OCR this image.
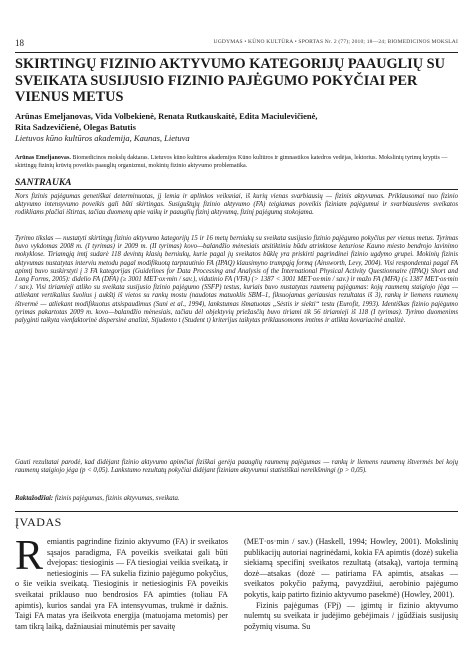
18	UGDYMAS • KŪNO KULTŪRA • SPORTAS Nr. 2 (77); 2010; 18—24; BIOMEDICINOS MOKSLAI
SKIRTINGŲ FIZINIO AKTYVUMO KATEGORIJŲ PAAUGLIŲ SU SVEIKATA SUSIJUSIO FIZINIO PAJĖGUMO POKYČIAI PER VIENUS METUS
Arūnas Emeljanovas, Vida Volbekienė, Renata Rutkauskaitė, Edita Maciulevičienė,
Rita Sadzevičienė, Olegas Batutis
Lietuvos kūno kultūros akademija, Kaunas, Lietuva
Arūnas Emeljanovas. Biomedicinos mokslų daktaras. Lietuvos kūno kultūros akademijos Kūno kultūros ir gimnastikos katedros vedėjas, lektorius. Mokslinių tyrimų kryptis — skirtingų fizinių krūvių poveikis paauglių organizmui, mokinių fizinio aktyvumo problematika.
SANTRAUKA

Nors fizinis pajėgumas genetiškai determinuotas, jį lemia ir aplinkos veiksniai, iš kurių vienas svarbiausių — fizinis aktyvumas. Priklausomai nuo fizinio aktyvumo intensyvumo poveikis gali būti skirtingas. Susiguštųjų fizinio aktyvumo (FA) teigiamas poveikis fiziniam pajėgumui ir svarbiausiems sveikatos rodikliams plačiai ištirtas, tačiau duomenų apie vaikų ir paauglių fizinį aktyvumą, fizinį pajėgumą stokojama.

Tyrimo tikslas — nustatyti skirtingų fizinio aktyvumo kategorijų 15 ir 16 metų berniukų su sveikata susijusio fizinio pajėgumo pokyčius per vienus metus. Tyrimas buvo vykdomas 2008 m. (I tyrimas) ir 2009 m. (II tyrimas) kovo—balandžio mėnesiais atsitiktiniu būdu atrinktose keturiose Kauno miesto bendrojo lavinimo mokyklose. Tiriamąją imtį sudarė 118 devintų klasių berniukų, kurie pagal jų sveikatos būklę yra priskirti pagrindinei fizinio ugdymo grupei. Mokinių fizinis aktyvumas nustatytas interviu metodu pagal modifikuotą tarptautinio FA (IPAQ) klausimyno trumpąją formą (Ainsworth, Levy, 2004). Visi respondentai pagal FA apimtį buvo suskirstyti į 3 FA kategorijas (Guidelines for Data Processing and Analysis of the International Physical Activity Questionnaire (IPAQ) Short and Long Forms, 2005): didelio FA (DFA) (≥ 3001 MET·ox·min / sav.), vidutinio FA (VFA) (> 1387 < 3001 MET·os·min / sav.) ir mažo FA (MFA) (≤ 1387 MET·os·min / sav.). Visi tiriamieji atliko su sveikata susijusio fizinio pajėgumo (SSFP) testus, kuriais buvo nustatytas raumenų pajėgumas: kojų raumenų staigiojo jėga — atliekant vertikalius šuolius į aukštį iš vietos su rankų mostu (naudotas matuoklis SBM–1, fiksuojamas geriausias rezultatas iš 3), rankų ir liemens raumenų ištvermė — atliekant modifikuotus atsispaudimus (Suni et al., 1994), lankstumas išmatuotas „Sėstis ir siekti“ testu (Eurofit, 1993). Identiškas fizinio pajėgumo tyrimas pakartotas 2009 m. kovo—balandžio mėnesiais, tačiau dėl objektyvių priežasčių buvo tiriami tik 56 tiriamieji iš 118 (I tyrimas). Tyrimo duomenims palyginti taikyta vienfaktorinė dispersinė analizė, Stjudento t (Student t) kriterijus taikytas priklausomoms imtims ir atlikta kovariacinė analizė.

Gauti rezultatai parodė, kad didėjant fizinio aktyvumo apimčiai fiziškai gerėja paauglių raumenų pajėgumas — rankų ir liemens raumenų ištvermės bei kojų raumenų staigiojo jėga (p < 0,05). Lankstumo rezultatų pokyčiai didėjant fiziniam aktyvumui statistiškai nereikšmingi (p > 0,05).

Raktažodžiai: fizinis pajėgumas, fizinis aktyvumas, sveikata.
ĮVADAS
Remiantis pagrindine fizinio aktyvumo (FA) ir sveikatos sąsajos paradigma, FA poveikis sveikatai gali būti dvejopas: tiesioginis — FA tiesiogiai veikia sveikatą, ir netiesioginis — FA sukelia fizinio pajėgumo pokyčius, o šie veikia sveikatą. Tiesioginis ir netiesioginis FA poveikis sveikatai priklauso nuo bendrosios FA apimties (toliau FA apimtis), kurios sandai yra FA intensyvumas, trukmė ir dažnis. Taigi FA matas yra išeikvota energija (matuojama metomis) per tam tikrą laiką, dažniausiai minutėmis per savaitę

(MET·os·min / sav.) (Haskell, 1994; Howley, 2001). Mokslinių publikacijų autoriai nagrinėdami, kokia FA apimtis (dozė) sukelia siekiamą specifinį sveikatos rezultatą (atsaką), vartoja terminą dozė—atsakas (dozė — patiriama FA apimtis, atsakas — sveikatos pokyčio pažymą, pavyzdžiui, aerobinio pajėgumo pokytis, kaip patirto fizinio aktyvumo pasekmė) (Howley, 2001).

Fizinis pajėgumas (FPj) — įgimtų ir fizinio aktyvumo nulemtų su sveikata ir judėjimo gebėjimais / įgūdžiais susijusių požymių visuma. Su
